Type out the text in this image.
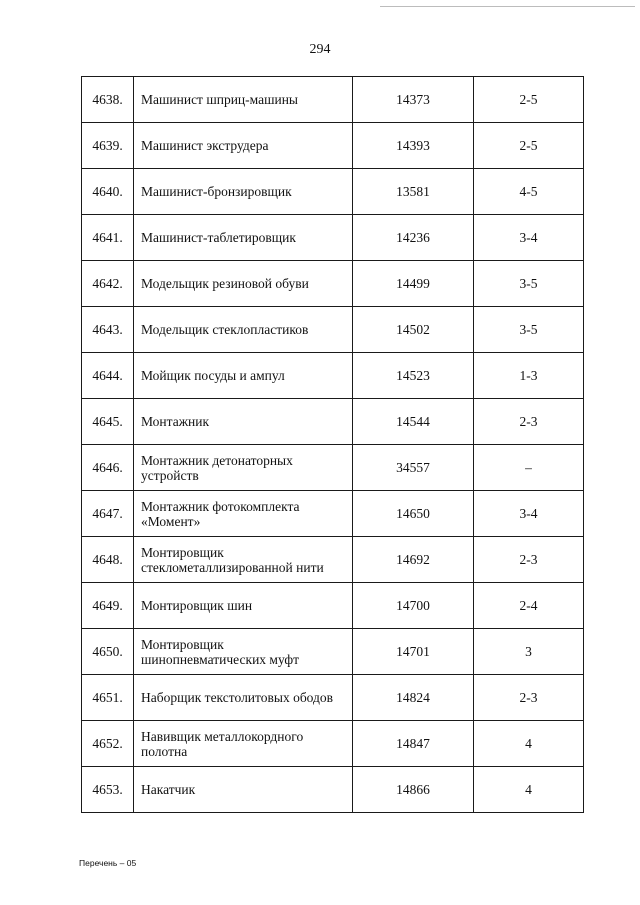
294
4638.	Машинист шприц-машины	14373	2-5
4639.	Машинист экструдера	14393	2-5
4640.	Машинист-бронзировщик	13581	4-5
4641.	Машинист-таблетировщик	14236	3-4
4642.	Модельщик резиновой обуви	14499	3-5
4643.	Модельщик стеклопластиков	14502	3-5
4644.	Мойщик посуды и ампул	14523	1-3
4645.	Монтажник	14544	2-3
4646.	Монтажник детонаторных устройств	34557	–
4647.	Монтажник фотокомплекта «Момент»	14650	3-4
4648.	Монтировщик стеклометаллизированной нити	14692	2-3
4649.	Монтировщик шин	14700	2-4
4650.	Монтировщик шинопневматических муфт	14701	3
4651.	Наборщик текстолитовых ободов	14824	2-3
4652.	Навивщик металлокордного полотна	14847	4
4653.	Накатчик	14866	4
Перечень – 05
